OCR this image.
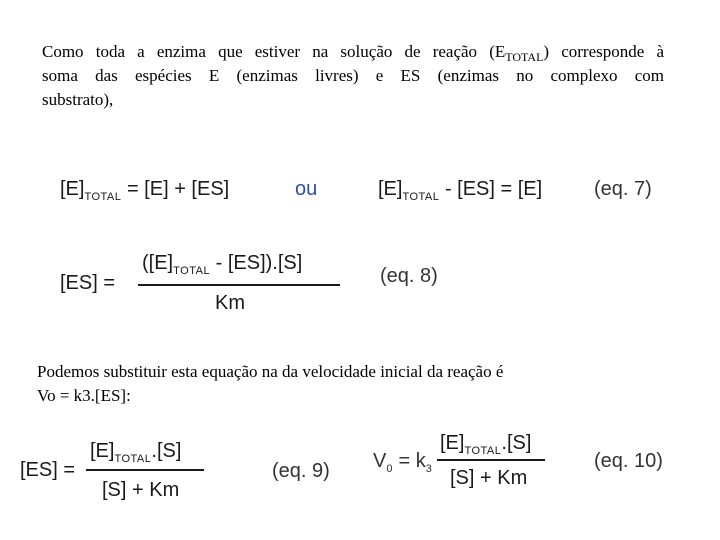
Como toda a enzima que estiver na solução de reação $(E_{TOTAL})$ corresponde à
soma das espécies E (enzimas livres) e ES (enzimas no complexo com
substrato),
$[E]_{TOTAL} = [E] + [ES]$	ou	$[E]_{TOTAL} - [ES] = [E]$	(eq. 7)
[ES] =
$([E]_{TOTAL} - [ES]).[S]$
Km
(eq. 8)
Podemos substituir esta equação na da velocidade inicial da reação é
Vo = k3.[ES]:
[ES] =
$[E]_{TOTAL}.[S]$
[S] + Km
(eq. 9) $V_0 = k_3$
$[E]_{TOTAL}.[S]$
[S] + Km
(eq. 10)
